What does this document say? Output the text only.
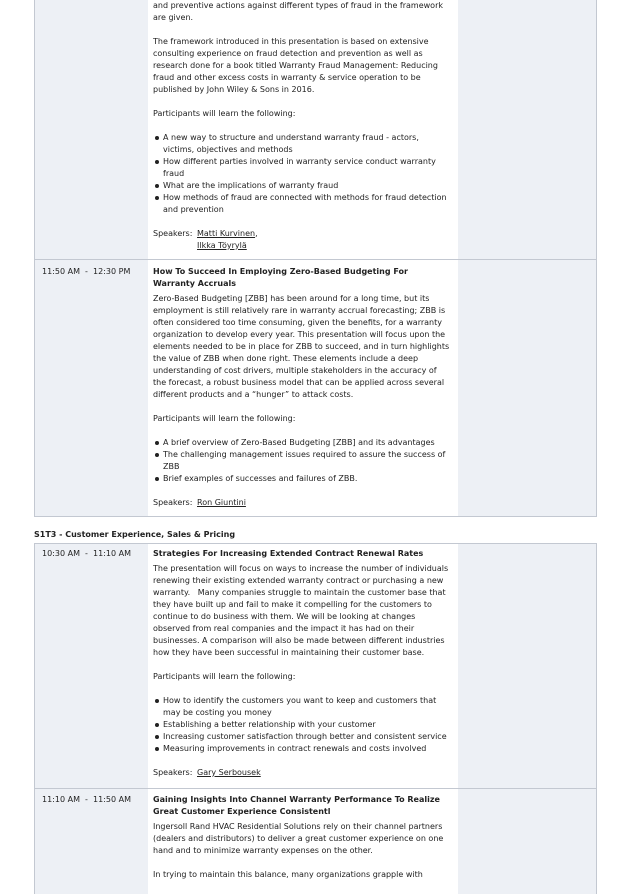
and preventive actions against different types of fraud in the framework
are given.
The framework introduced in this presentation is based on extensive
consulting experience on fraud detection and prevention as well as
research done for a book titled Warranty Fraud Management: Reducing
fraud and other excess costs in warranty & service operation to be
published by John Wiley & Sons in 2016.
Participants will learn the following:
A new way to structure and understand warranty fraud - actors,
victims, objectives and methods
How different parties involved in warranty service conduct warranty
fraud
What are the implications of warranty fraud
How methods of fraud are connected with methods for fraud detection
and prevention
Speakers: Matti Kurvinen,
Ilkka Töyrylä
11:50 AM  -  12:30 PM	How To Succeed In Employing Zero-Based Budgeting For
Warranty Accruals
Zero-Based Budgeting [ZBB] has been around for a long time, but its
employment is still relatively rare in warranty accrual forecasting; ZBB is
often considered too time consuming, given the benefits, for a warranty
organization to develop every year. This presentation will focus upon the
elements needed to be in place for ZBB to succeed, and in turn highlights
the value of ZBB when done right. These elements include a deep
understanding of cost drivers, multiple stakeholders in the accuracy of
the forecast, a robust business model that can be applied across several
different products and a “hunger” to attack costs.
Participants will learn the following:
A brief overview of Zero-Based Budgeting [ZBB] and its advantages
The challenging management issues required to assure the success of
ZBB
Brief examples of successes and failures of ZBB.
Speakers: Ron Giuntini
S1T3 - Customer Experience, Sales & Pricing
10:30 AM  -  11:10 AM	Strategies For Increasing Extended Contract Renewal Rates
The presentation will focus on ways to increase the number of individuals
renewing their existing extended warranty contract or purchasing a new
warranty.   Many companies struggle to maintain the customer base that
they have built up and fail to make it compelling for the customers to
continue to do business with them. We will be looking at changes
observed from real companies and the impact it has had on their
businesses. A comparison will also be made between different industries
how they have been successful in maintaining their customer base.
Participants will learn the following:
How to identify the customers you want to keep and customers that
may be costing you money
Establishing a better relationship with your customer
Increasing customer satisfaction through better and consistent service
Measuring improvements in contract renewals and costs involved
Speakers: Gary Serbousek
11:10 AM  -  11:50 AM	Gaining Insights Into Channel Warranty Performance To Realize
Great Customer Experience Consistentl
Ingersoll Rand HVAC Residential Solutions rely on their channel partners
(dealers and distributors) to deliver a great customer experience on one
hand and to minimize warranty expenses on the other.
In trying to maintain this balance, many organizations grapple with
